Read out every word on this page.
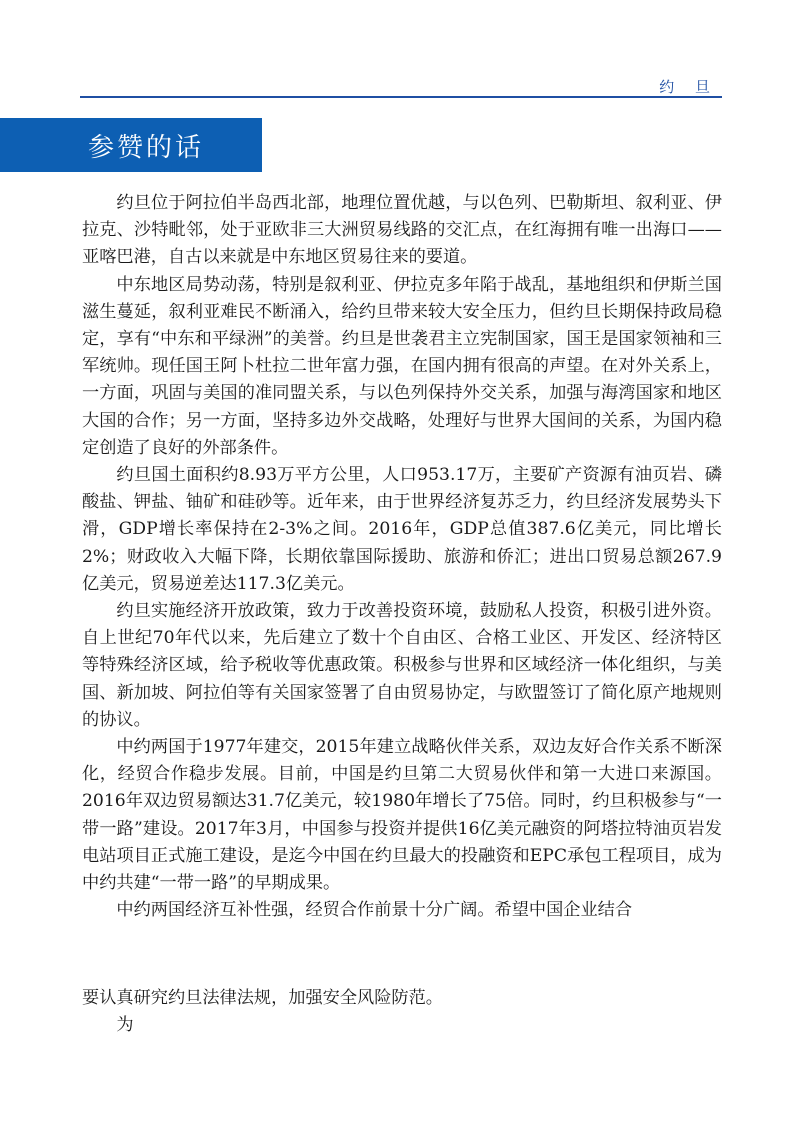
约 旦
参赞的话

约旦位于阿拉伯半岛西北部，地理位置优越，与以色列、巴勒斯坦、叙利亚、伊拉克、沙特毗邻，处于亚欧非三大洲贸易线路的交汇点，在红海拥有唯一出海口——亚喀巴港，自古以来就是中东地区贸易往来的要道。

中东地区局势动荡，特别是叙利亚、伊拉克多年陷于战乱，基地组织和伊斯兰国滋生蔓延，叙利亚难民不断涌入，给约旦带来较大安全压力，但约旦长期保持政局稳定，享有“中东和平绿洲”的美誉。约旦是世袭君主立宪制国家，国王是国家领袖和三军统帅。现任国王阿卜杜拉二世年富力强，在国内拥有很高的声望。在对外关系上，一方面，巩固与美国的准同盟关系，与以色列保持外交关系，加强与海湾国家和地区大国的合作；另一方面，坚持多边外交战略，处理好与世界大国间的关系，为国内稳定创造了良好的外部条件。

约旦国土面积约8.93万平方公里，人口953.17万，主要矿产资源有油页岩、磷酸盐、钾盐、铀矿和硅砂等。近年来，由于世界经济复苏乏力，约旦经济发展势头下滑，GDP增长率保持在2-3%之间。2016年，GDP总值387.6亿美元，同比增长2%；财政收入大幅下降，长期依靠国际援助、旅游和侨汇；进出口贸易总额267.9亿美元，贸易逆差达117.3亿美元。

约旦实施经济开放政策，致力于改善投资环境，鼓励私人投资，积极引进外资。自上世纪70年代以来，先后建立了数十个自由区、合格工业区、开发区、经济特区等特殊经济区域，给予税收等优惠政策。积极参与世界和区域经济一体化组织，与美国、新加坡、阿拉伯等有关国家签署了自由贸易协定，与欧盟签订了简化原产地规则的协议。

中约两国于1977年建交，2015年建立战略伙伴关系，双边友好合作关系不断深化，经贸合作稳步发展。目前，中国是约旦第二大贸易伙伴和第一大进口来源国。2016年双边贸易额达31.7亿美元，较1980年增长了75倍。同时，约旦积极参与“一带一路”建设。2017年3月，中国参与投资并提供16亿美元融资的阿塔拉特油页岩发电站项目正式施工建设，是迄今中国在约旦最大的投融资和EPC承包工程项目，成为中约共建“一带一路”的早期成果。

中约两国经济互补性强，经贸合作前景十分广阔。希望中国企业结合

要认真研究约旦法律法规，加强安全风险防范。

为
